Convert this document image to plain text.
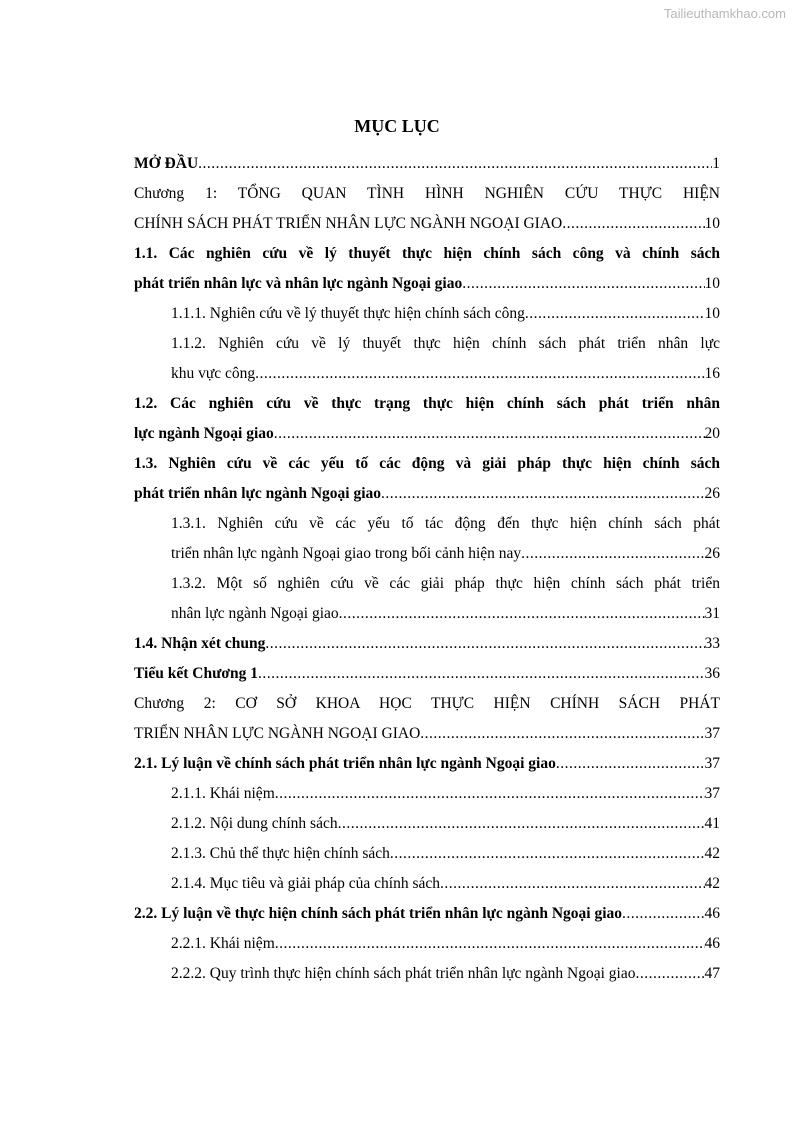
Tailieuthamkhao.com
MỤC LỤC
MỞ ĐẦU .....	1
Chương 1: TỔNG QUAN TÌNH HÌNH NGHIÊN CỨU THỰC HIỆN
CHÍNH SÁCH PHÁT TRIỂN NHÂN LỰC NGÀNH NGOẠI GIAO .....	10
1.1. Các nghiên cứu về lý thuyết thực hiện chính sách công và chính sách
phát triển nhân lực và nhân lực ngành Ngoại giao .....	10
1.1.1. Nghiên cứu về lý thuyết thực hiện chính sách công .....	10
1.1.2. Nghiên cứu về lý thuyết thực hiện chính sách phát triển nhân lực
khu vực công .....	16
1.2. Các nghiên cứu về thực trạng thực hiện chính sách phát triển nhân
lực ngành Ngoại giao .....	20
1.3. Nghiên cứu về các yếu tố các động và giải pháp thực hiện chính sách
phát triển nhân lực ngành Ngoại giao .....	26
1.3.1. Nghiên cứu về các yếu tố tác động đến thực hiện chính sách phát
triển nhân lực ngành Ngoại giao trong bối cảnh hiện nay .....	26
1.3.2. Một số nghiên cứu về các giải pháp thực hiện chính sách phát triển
nhân lực ngành Ngoại giao .....	31
1.4. Nhận xét chung .....	33
Tiểu kết Chương 1 .....	36
Chương 2: CƠ SỞ KHOA HỌC THỰC HIỆN CHÍNH SÁCH PHÁT
TRIỂN NHÂN LỰC NGÀNH NGOẠI GIAO .....	37
2.1. Lý luận về chính sách phát triển nhân lực ngành Ngoại giao .....	37
2.1.1. Khái niệm .....	37
2.1.2. Nội dung chính sách .....	41
2.1.3. Chủ thể thực hiện chính sách .....	42
2.1.4. Mục tiêu và giải pháp của chính sách .....	42
2.2. Lý luận về thực hiện chính sách phát triển nhân lực ngành Ngoại giao .....	46
2.2.1. Khái niệm .....	46
2.2.2. Quy trình thực hiện chính sách phát triển nhân lực ngành Ngoại giao .....	47
